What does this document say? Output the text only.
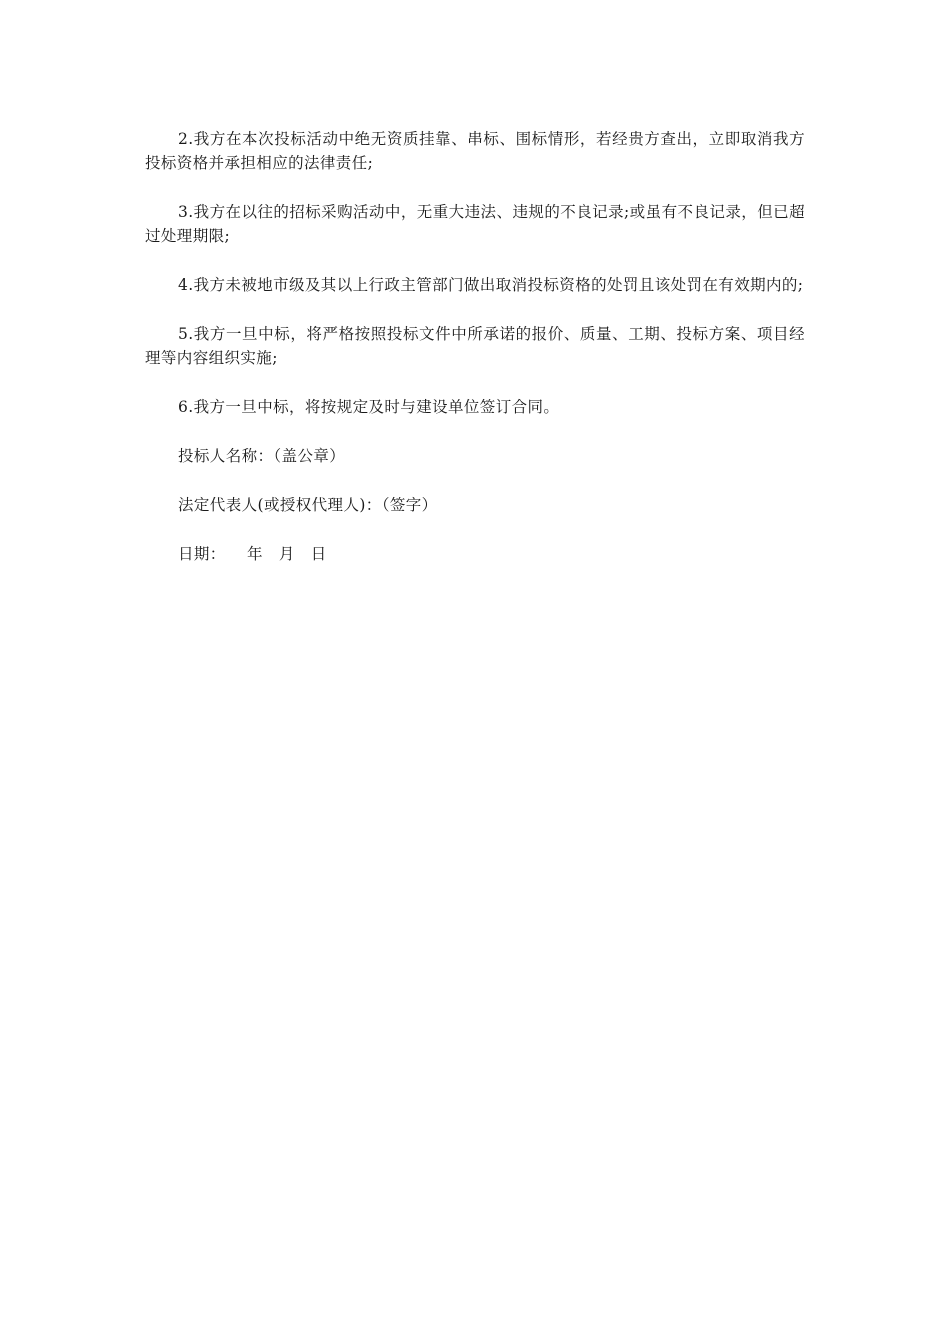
2.我方在本次投标活动中绝无资质挂靠、串标、围标情形，若经贵方查出，立即取消我方投标资格并承担相应的法律责任;

3.我方在以往的招标采购活动中，无重大违法、违规的不良记录;或虽有不良记录，但已超过处理期限;

4.我方未被地市级及其以上行政主管部门做出取消投标资格的处罚且该处罚在有效期内的;

5.我方一旦中标，将严格按照投标文件中所承诺的报价、质量、工期、投标方案、项目经理等内容组织实施;

6.我方一旦中标，将按规定及时与建设单位签订合同。

投标人名称：（盖公章）

法定代表人(或授权代理人)：（签字）

日期：    年   月   日
